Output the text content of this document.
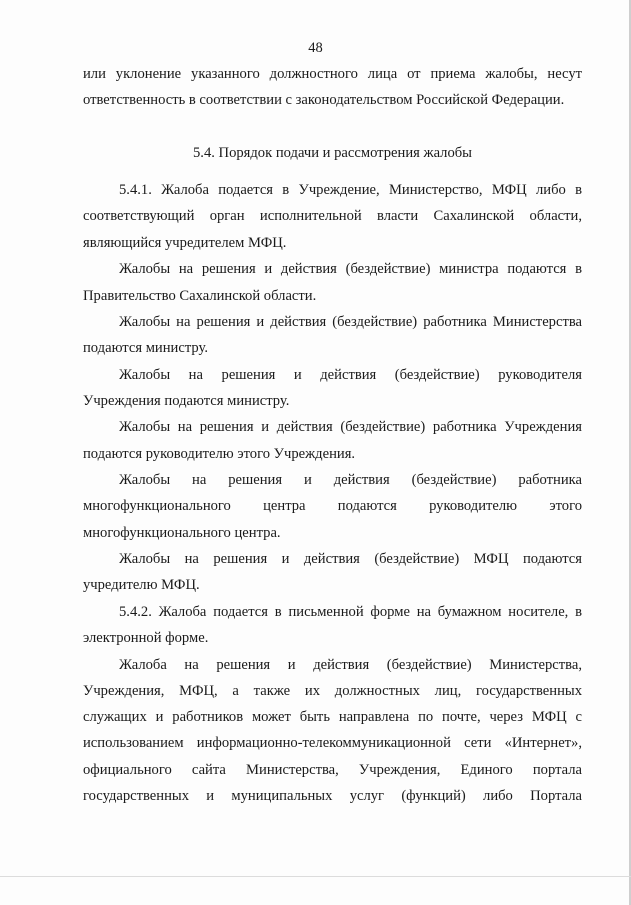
48
или уклонение указанного должностного лица от приема жалобы, несут
ответственность в соответствии с законодательством Российской Федерации.
5.4. Порядок подачи и рассмотрения жалобы
5.4.1. Жалоба подается в Учреждение, Министерство, МФЦ либо в
соответствующий орган исполнительной власти Сахалинской области,
являющийся учредителем МФЦ.
Жалобы на решения и действия (бездействие) министра подаются в
Правительство Сахалинской области.
Жалобы на решения и действия (бездействие) работника Министерства
подаются министру.
Жалобы на решения и действия (бездействие) руководителя
Учреждения подаются министру.
Жалобы на решения и действия (бездействие) работника Учреждения
подаются руководителю этого Учреждения.
Жалобы на решения и действия (бездействие) работника
многофункционального центра подаются руководителю этого
многофункционального центра.
Жалобы на решения и действия (бездействие) МФЦ подаются
учредителю МФЦ.
5.4.2. Жалоба подается в письменной форме на бумажном носителе, в
электронной форме.
Жалоба на решения и действия (бездействие) Министерства,
Учреждения, МФЦ, а также их должностных лиц, государственных
служащих и работников может быть направлена по почте, через МФЦ с
использованием информационно-телекоммуникационной сети «Интернет»,
официального сайта Министерства, Учреждения, Единого портала
государственных и муниципальных услуг (функций) либо Портала
